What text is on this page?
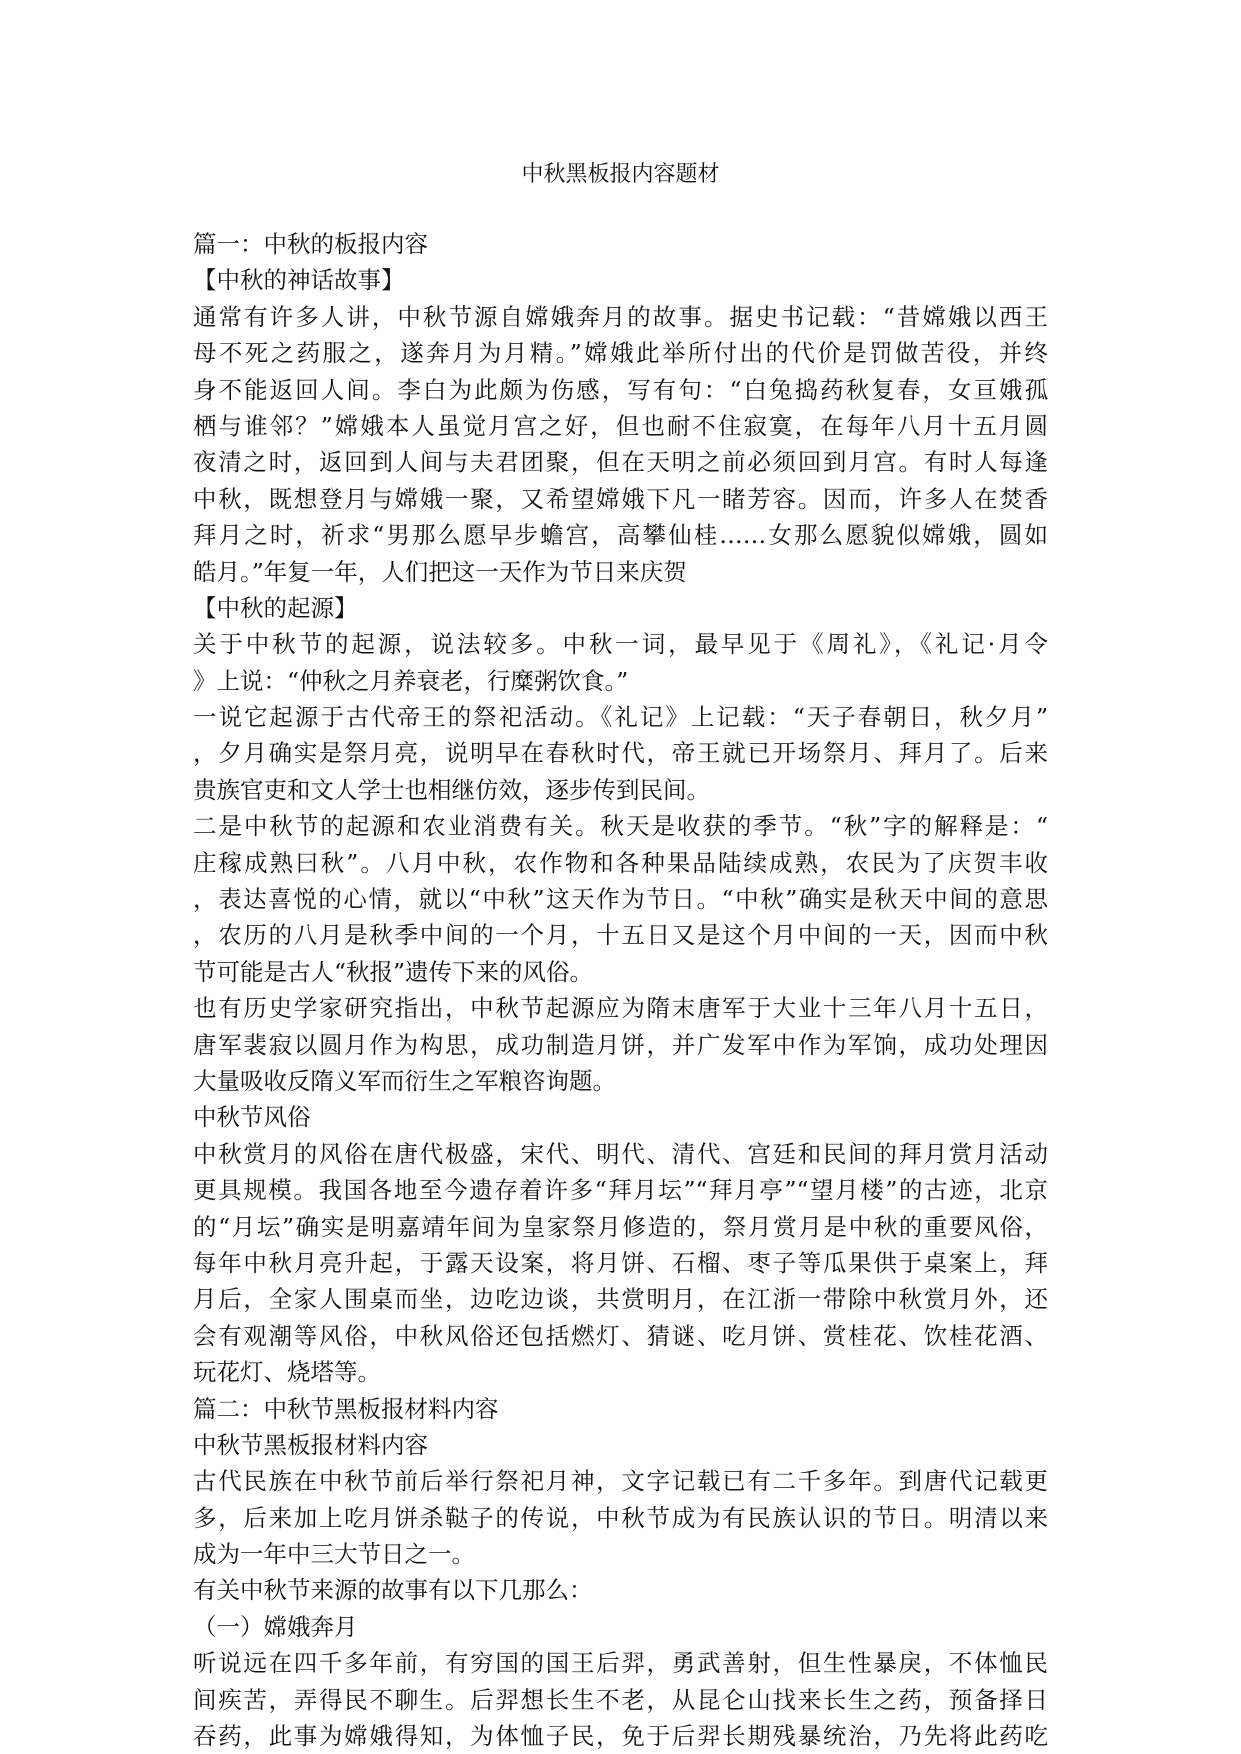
中秋黑板报内容题材
篇一：中秋的板报内容
【中秋的神话故事】
通常有许多人讲，中秋节源自嫦娥奔月的故事。据史书记载：“昔嫦娥以西王
母不死之药服之，遂奔月为月精。”嫦娥此举所付出的代价是罚做苦役，并终
身不能返回人间。李白为此颇为伤感，写有句：“白兔捣药秋复春，女亘娥孤
栖与谁邻？”嫦娥本人虽觉月宫之好，但也耐不住寂寞，在每年八月十五月圆
夜清之时，返回到人间与夫君团聚，但在天明之前必须回到月宫。有时人每逢
中秋，既想登月与嫦娥一聚，又希望嫦娥下凡一睹芳容。因而，许多人在焚香
拜月之时，祈求“男那么愿早步蟾宫，高攀仙桂……女那么愿貌似嫦娥，圆如
皓月。”年复一年，人们把这一天作为节日来庆贺
【中秋的起源】
关于中秋节的起源，说法较多。中秋一词，最早见于《周礼》，《礼记·月令
》上说：“仲秋之月养衰老，行糜粥饮食。”
一说它起源于古代帝王的祭祀活动。《礼记》上记载：“天子春朝日，秋夕月”
，夕月确实是祭月亮，说明早在春秋时代，帝王就已开场祭月、拜月了。后来
贵族官吏和文人学士也相继仿效，逐步传到民间。
二是中秋节的起源和农业消费有关。秋天是收获的季节。“秋”字的解释是：“
庄稼成熟曰秋”。八月中秋，农作物和各种果品陆续成熟，农民为了庆贺丰收
，表达喜悦的心情，就以“中秋”这天作为节日。“中秋”确实是秋天中间的意思
，农历的八月是秋季中间的一个月，十五日又是这个月中间的一天，因而中秋
节可能是古人“秋报”遗传下来的风俗。
也有历史学家研究指出，中秋节起源应为隋末唐军于大业十三年八月十五日，
唐军裴寂以圆月作为构思，成功制造月饼，并广发军中作为军饷，成功处理因
大量吸收反隋义军而衍生之军粮咨询题。
中秋节风俗
中秋赏月的风俗在唐代极盛，宋代、明代、清代、宫廷和民间的拜月赏月活动
更具规模。我国各地至今遗存着许多“拜月坛”“拜月亭”“望月楼”的古迹，北京
的“月坛”确实是明嘉靖年间为皇家祭月修造的，祭月赏月是中秋的重要风俗，
每年中秋月亮升起，于露天设案，将月饼、石榴、枣子等瓜果供于桌案上，拜
月后，全家人围桌而坐，边吃边谈，共赏明月，在江浙一带除中秋赏月外，还
会有观潮等风俗，中秋风俗还包括燃灯、猜谜、吃月饼、赏桂花、饮桂花酒、
玩花灯、烧塔等。
篇二：中秋节黑板报材料内容
中秋节黑板报材料内容
古代民族在中秋节前后举行祭祀月神，文字记载已有二千多年。到唐代记载更
多，后来加上吃月饼杀鞑子的传说，中秋节成为有民族认识的节日。明清以来
成为一年中三大节日之一。
有关中秋节来源的故事有以下几那么：
（一）嫦娥奔月
听说远在四千多年前，有穷国的国王后羿，勇武善射，但生性暴戾，不体恤民
间疾苦，弄得民不聊生。后羿想长生不老，从昆仑山找来长生之药，预备择日
吞药，此事为嫦娥得知，为体恤子民，免于后羿长期残暴统治，乃先将此药吃
